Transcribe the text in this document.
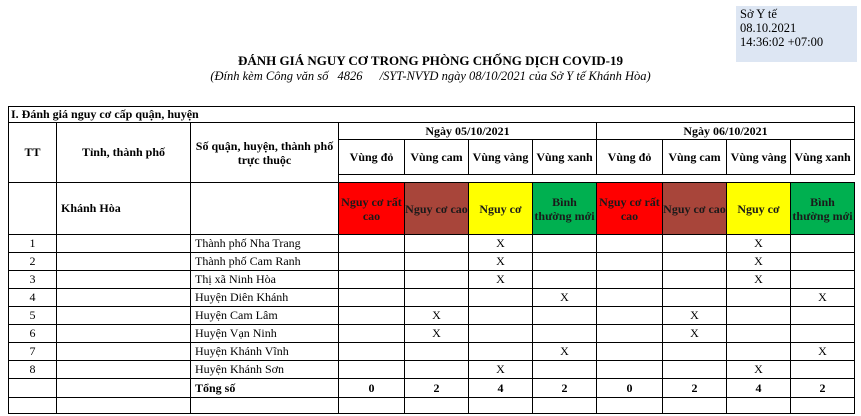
Sở Y tế
08.10.2021
14:36:02 +07:00
ĐÁNH GIÁ NGUY CƠ TRONG PHÒNG CHỐNG DỊCH COVID-19
(Đính kèm Công văn số 4826 /SYT-NVYD ngày 08/10/2021 của Sở Y tế Khánh Hòa)
I. Đánh giá nguy cơ cấp quận, huyện										
TT	Tỉnh, thành phố	Số quận, huyện, thành phố trực thuộc	Ngày 05/10/2021				Ngày 06/10/2021			
			Vùng đỏ	Vùng cam	Vùng vàng	Vùng xanh	Vùng đỏ	Vùng cam	Vùng vàng	Vùng xanh

	Khánh Hòa		Nguy cơ rất cao	Nguy cơ cao	Nguy cơ	Bình thường mới	Nguy cơ rất cao	Nguy cơ cao	Nguy cơ	Bình thường mới
1		Thành phố Nha Trang			X				X	
2		Thành phố Cam Ranh			X				X	
3		Thị xã Ninh Hòa			X				X	
4		Huyện Diên Khánh				X				X
5		Huyện Cam Lâm		X				X		
6		Huyện Vạn Ninh		X				X		
7		Huyện Khánh Vĩnh				X				X
8		Huyện Khánh Sơn			X				X	
		Tổng số	0	2	4	2	0	2	4	2
